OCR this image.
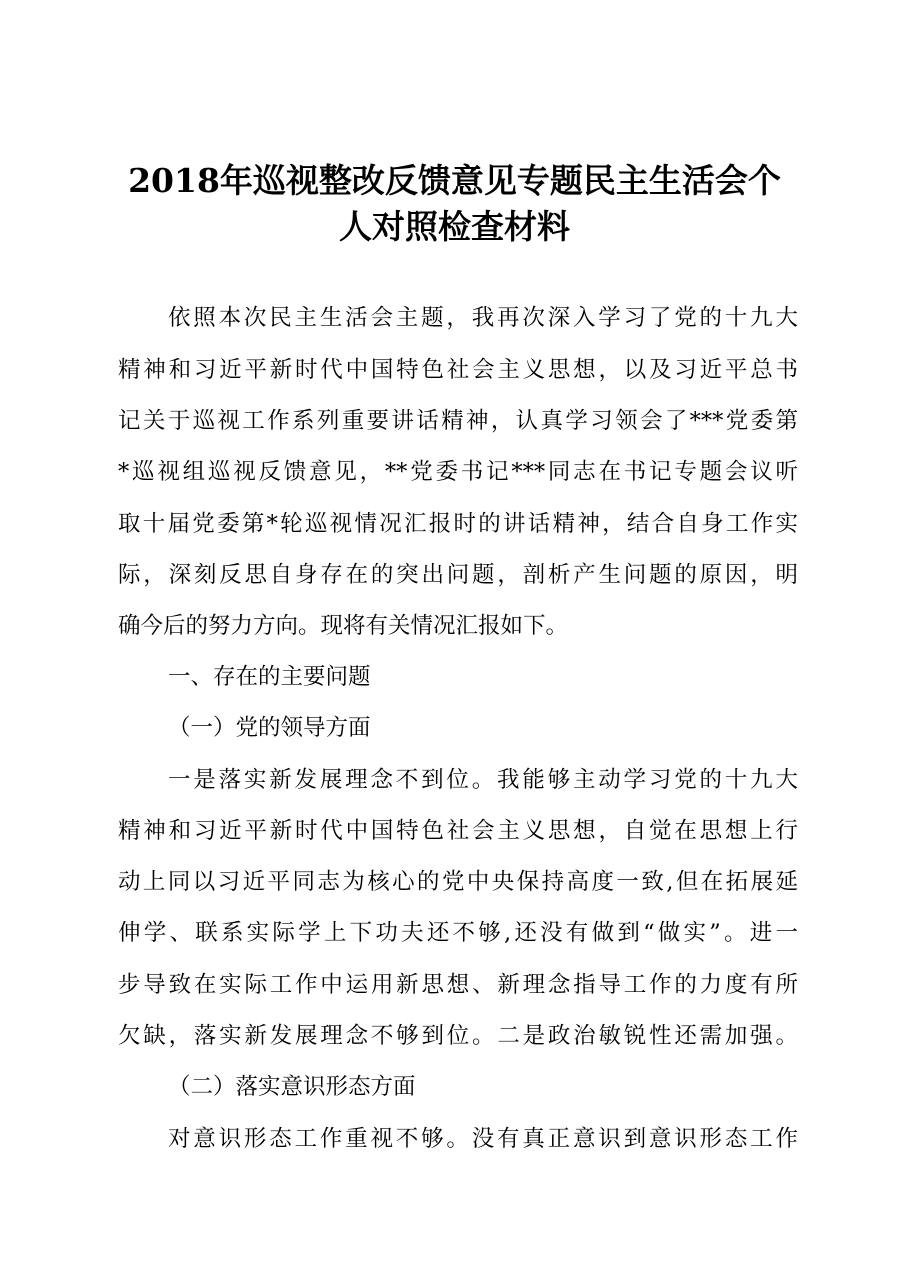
2018年巡视整改反馈意见专题民主生活会个
人对照检查材料
依照本次民主生活会主题，我再次深入学习了党的十九大
精神和习近平新时代中国特色社会主义思想，以及习近平总书
记关于巡视工作系列重要讲话精神，认真学习领会了***党委第
*巡视组巡视反馈意见，**党委书记***同志在书记专题会议听
取十届党委第*轮巡视情况汇报时的讲话精神，结合自身工作实
际，深刻反思自身存在的突出问题，剖析产生问题的原因，明
确今后的努力方向。现将有关情况汇报如下。
一、存在的主要问题
（一）党的领导方面
一是落实新发展理念不到位。我能够主动学习党的十九大
精神和习近平新时代中国特色社会主义思想，自觉在思想上行
动上同以习近平同志为核心的党中央保持高度一致,但在拓展延
伸学、联系实际学上下功夫还不够,还没有做到“做实”。进一
步导致在实际工作中运用新思想、新理念指导工作的力度有所
欠缺，落实新发展理念不够到位。二是政治敏锐性还需加强。
（二）落实意识形态方面
对意识形态工作重视不够。没有真正意识到意识形态工作
